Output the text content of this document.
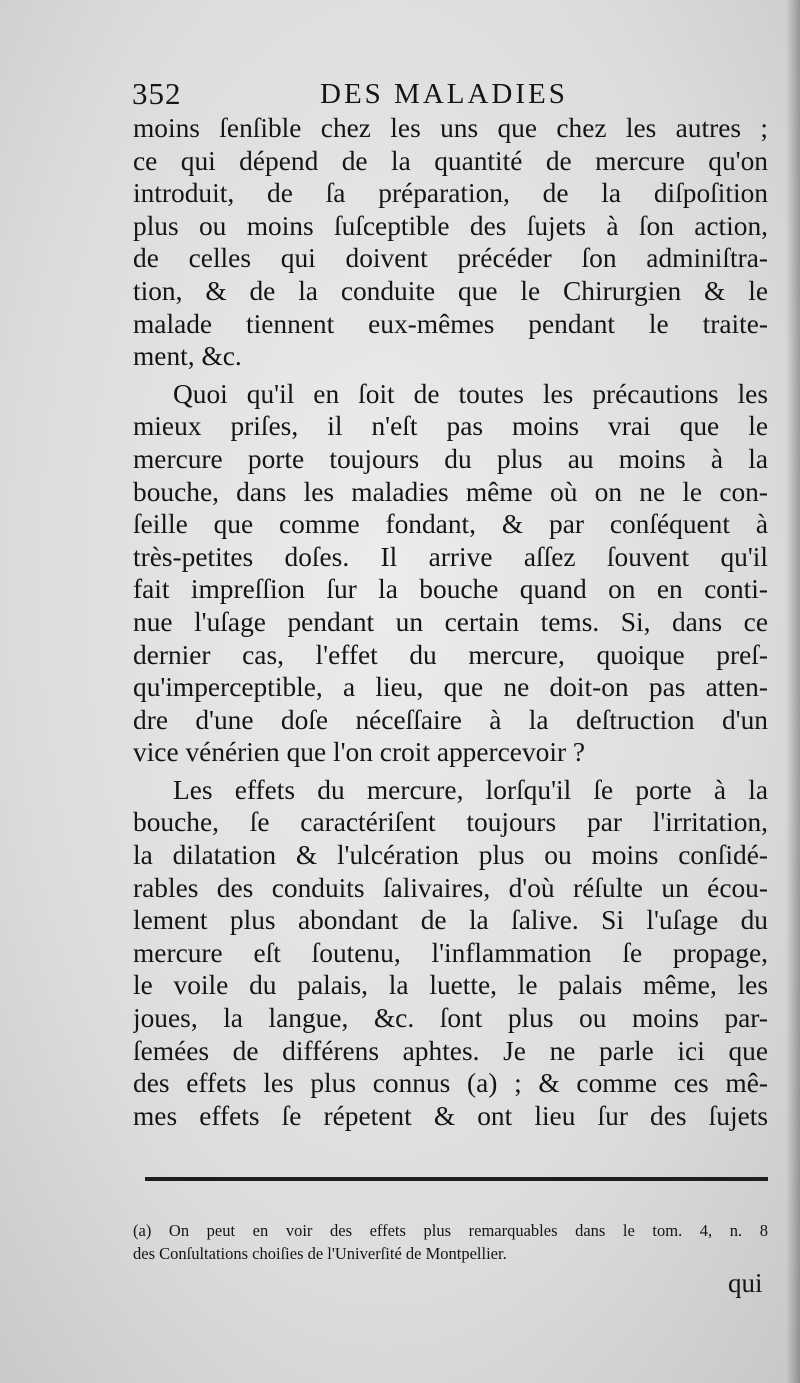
352	DES MALADIES
moins ſenſible chez les uns que chez les autres ;
ce qui dépend de la quantité de mercure qu'on
introduit, de ſa préparation, de la diſpoſition
plus ou moins ſuſceptible des ſujets à ſon action,
de celles qui doivent précéder ſon adminiſtra-
tion, & de la conduite que le Chirurgien & le
malade tiennent eux-mêmes pendant le traite-
ment, &c.
Quoi qu'il en ſoit de toutes les précautions les
mieux priſes, il n'eſt pas moins vrai que le
mercure porte toujours du plus au moins à la
bouche, dans les maladies même où on ne le con-
ſeille que comme fondant, & par conſéquent à
très-petites doſes. Il arrive aſſez ſouvent qu'il
fait impreſſion ſur la bouche quand on en conti-
nue l'uſage pendant un certain tems. Si, dans ce
dernier cas, l'effet du mercure, quoique preſ-
qu'imperceptible, a lieu, que ne doit-on pas atten-
dre d'une doſe néceſſaire à la deſtruction d'un
vice vénérien que l'on croit appercevoir ?
Les effets du mercure, lorſqu'il ſe porte à la
bouche, ſe caractériſent toujours par l'irritation,
la dilatation & l'ulcération plus ou moins conſidé-
rables des conduits ſalivaires, d'où réſulte un écou-
lement plus abondant de la ſalive. Si l'uſage du
mercure eſt ſoutenu, l'inflammation ſe propage,
le voile du palais, la luette, le palais même, les
joues, la langue, &c. ſont plus ou moins par-
ſemées de différens aphtes. Je ne parle ici que
des effets les plus connus (a) ; & comme ces mê-
mes effets ſe répetent & ont lieu ſur des ſujets
(a) On peut en voir des effets plus remarquables dans le tom. 4, n. 8
des Conſultations choiſies de l'Univerſité de Montpellier.
qui
